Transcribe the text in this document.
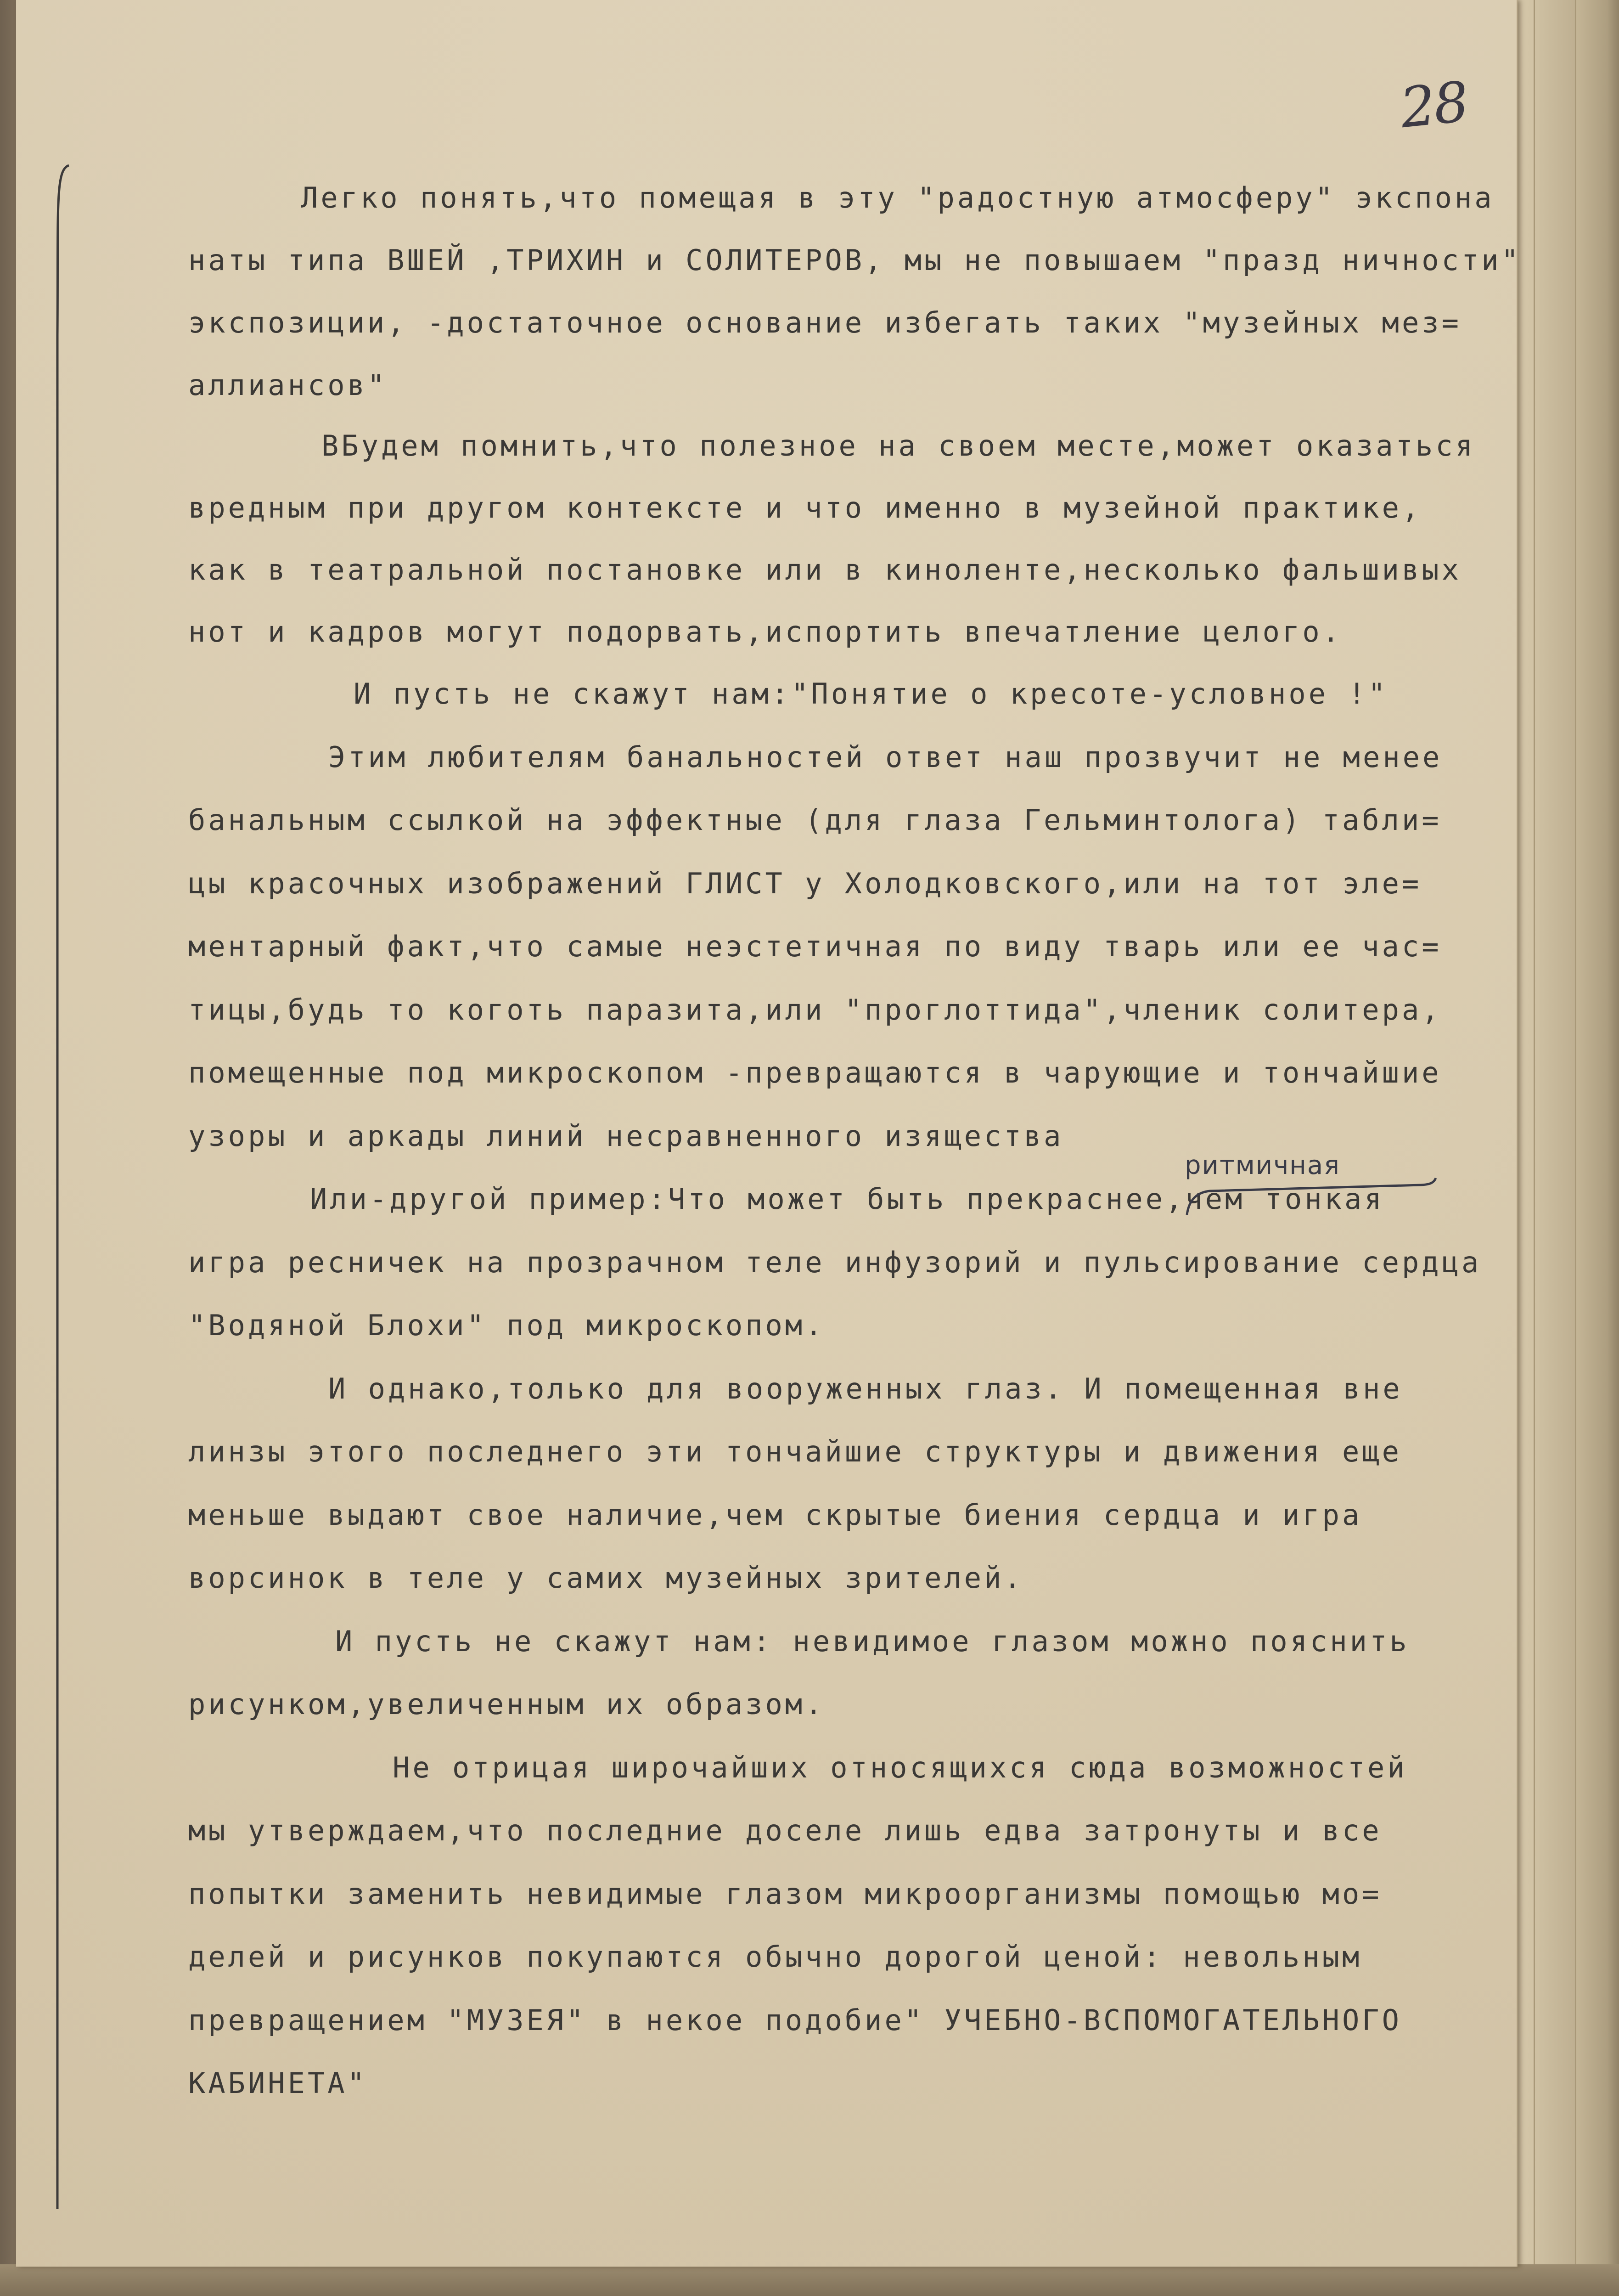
28
Легко понять,что помещая в эту "радостную атмосферу" экспона
наты типа ВШЕЙ ,ТРИХИН и СОЛИТЕРОВ, мы не повышаем "празд ничности"
экспозиции, -достаточное основание избегать таких "музейных мез=
аллиансов"
ВБудем помнить,что полезное на своем месте,может оказаться
вредным при другом контексте и что именно в музейной практике,
как в театральной постановке или в киноленте,несколько фальшивых
нот и кадров могут подорвать,испортить впечатление целого.
И пусть не скажут нам:"Понятие о кресоте-условное !"
Этим любителям банальностей ответ наш прозвучит не менее
банальным ссылкой на эффектные (для глаза Гельминтолога) табли=
цы красочных изображений ГЛИСТ у Холодковского,или на тот эле=
ментарный факт,что самые неэстетичная по виду тварь или ее час=
тицы,будь то коготь паразита,или "проглоттида",членик солитера,
помещенные под микроскопом -превращаются в чарующие и тончайшие
узоры и аркады линий несравненного изящества
Или-другой пример:Что может быть прекраснее,чем тонкая
игра ресничек на прозрачном теле инфузорий и пульсирование сердца
"Водяной Блохи" под микроскопом.
И однако,только для вооруженных глаз. И помещенная вне
линзы этого последнего эти тончайшие структуры и движения еще
меньше выдают свое наличие,чем скрытые биения сердца и игра
ворсинок в теле у самих музейных зрителей.
И пусть не скажут нам: невидимое глазом можно пояснить
рисунком,увеличенным их образом.
Не отрицая широчайших относящихся сюда возможностей
мы утверждаем,что последние доселе лишь едва затронуты и все
попытки заменить невидимые глазом микроорганизмы помощью мо=
делей и рисунков покупаются обычно дорогой ценой: невольным
превращением "МУЗЕЯ" в некое подобие" УЧЕБНО-ВСПОМОГАТЕЛЬНОГО
КАБИНЕТА"
ритмичная
